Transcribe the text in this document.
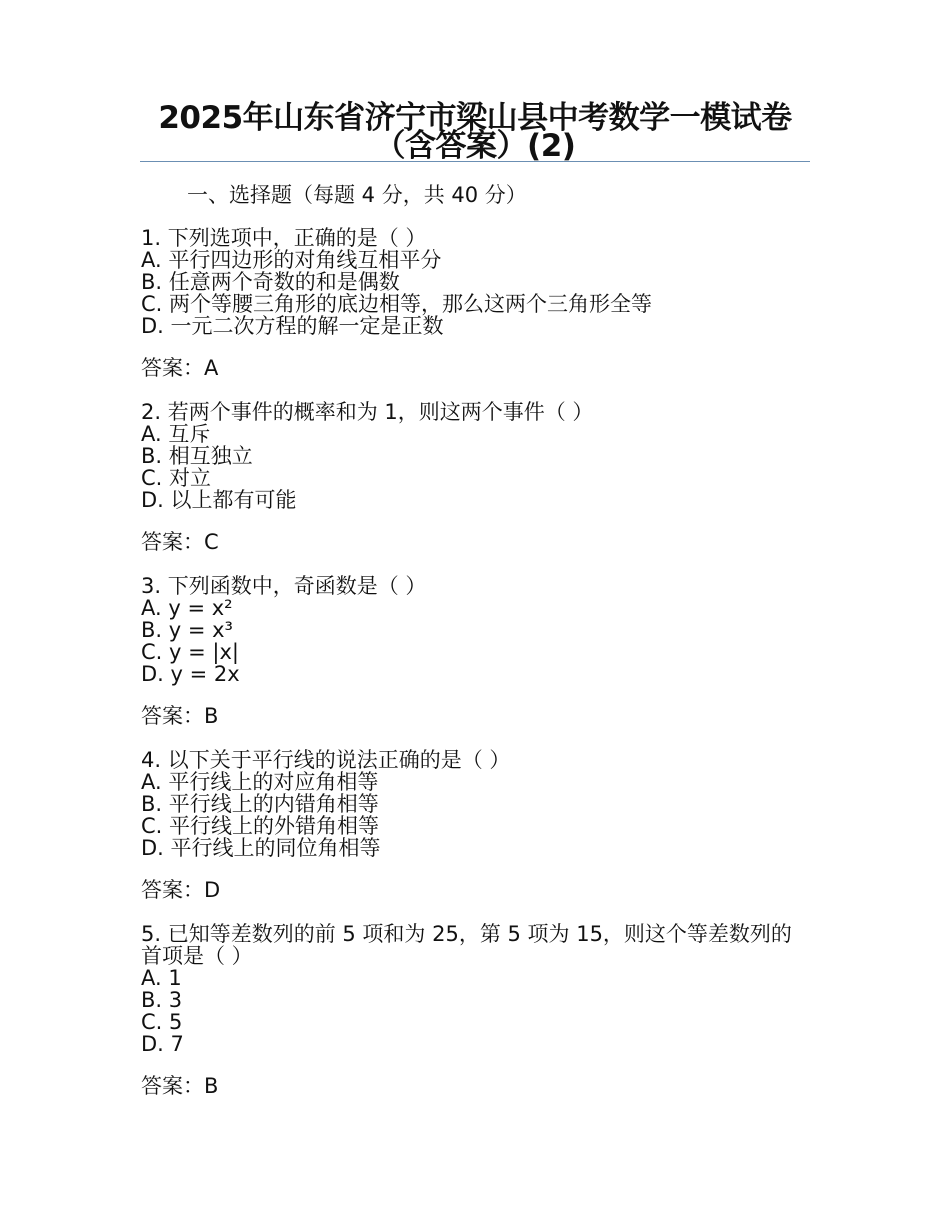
2025年山东省济宁市梁山县中考数学一模试卷（含答案）(2)
一、选择题（每题 4 分，共 40 分）
1. 下列选项中，正确的是（ ）
A. 平行四边形的对角线互相平分
B. 任意两个奇数的和是偶数
C. 两个等腰三角形的底边相等，那么这两个三角形全等
D. 一元二次方程的解一定是正数
答案：A
2. 若两个事件的概率和为 1，则这两个事件（ ）
A. 互斥
B. 相互独立
C. 对立
D. 以上都有可能
答案：C
3. 下列函数中，奇函数是（ ）
A. y = x²
B. y = x³
C. y = |x|
D. y = 2x
答案：B
4. 以下关于平行线的说法正确的是（ ）
A. 平行线上的对应角相等
B. 平行线上的内错角相等
C. 平行线上的外错角相等
D. 平行线上的同位角相等
答案：D
5. 已知等差数列的前 5 项和为 25，第 5 项为 15，则这个等差数列的首项是（ ）
A. 1
B. 3
C. 5
D. 7
答案：B
